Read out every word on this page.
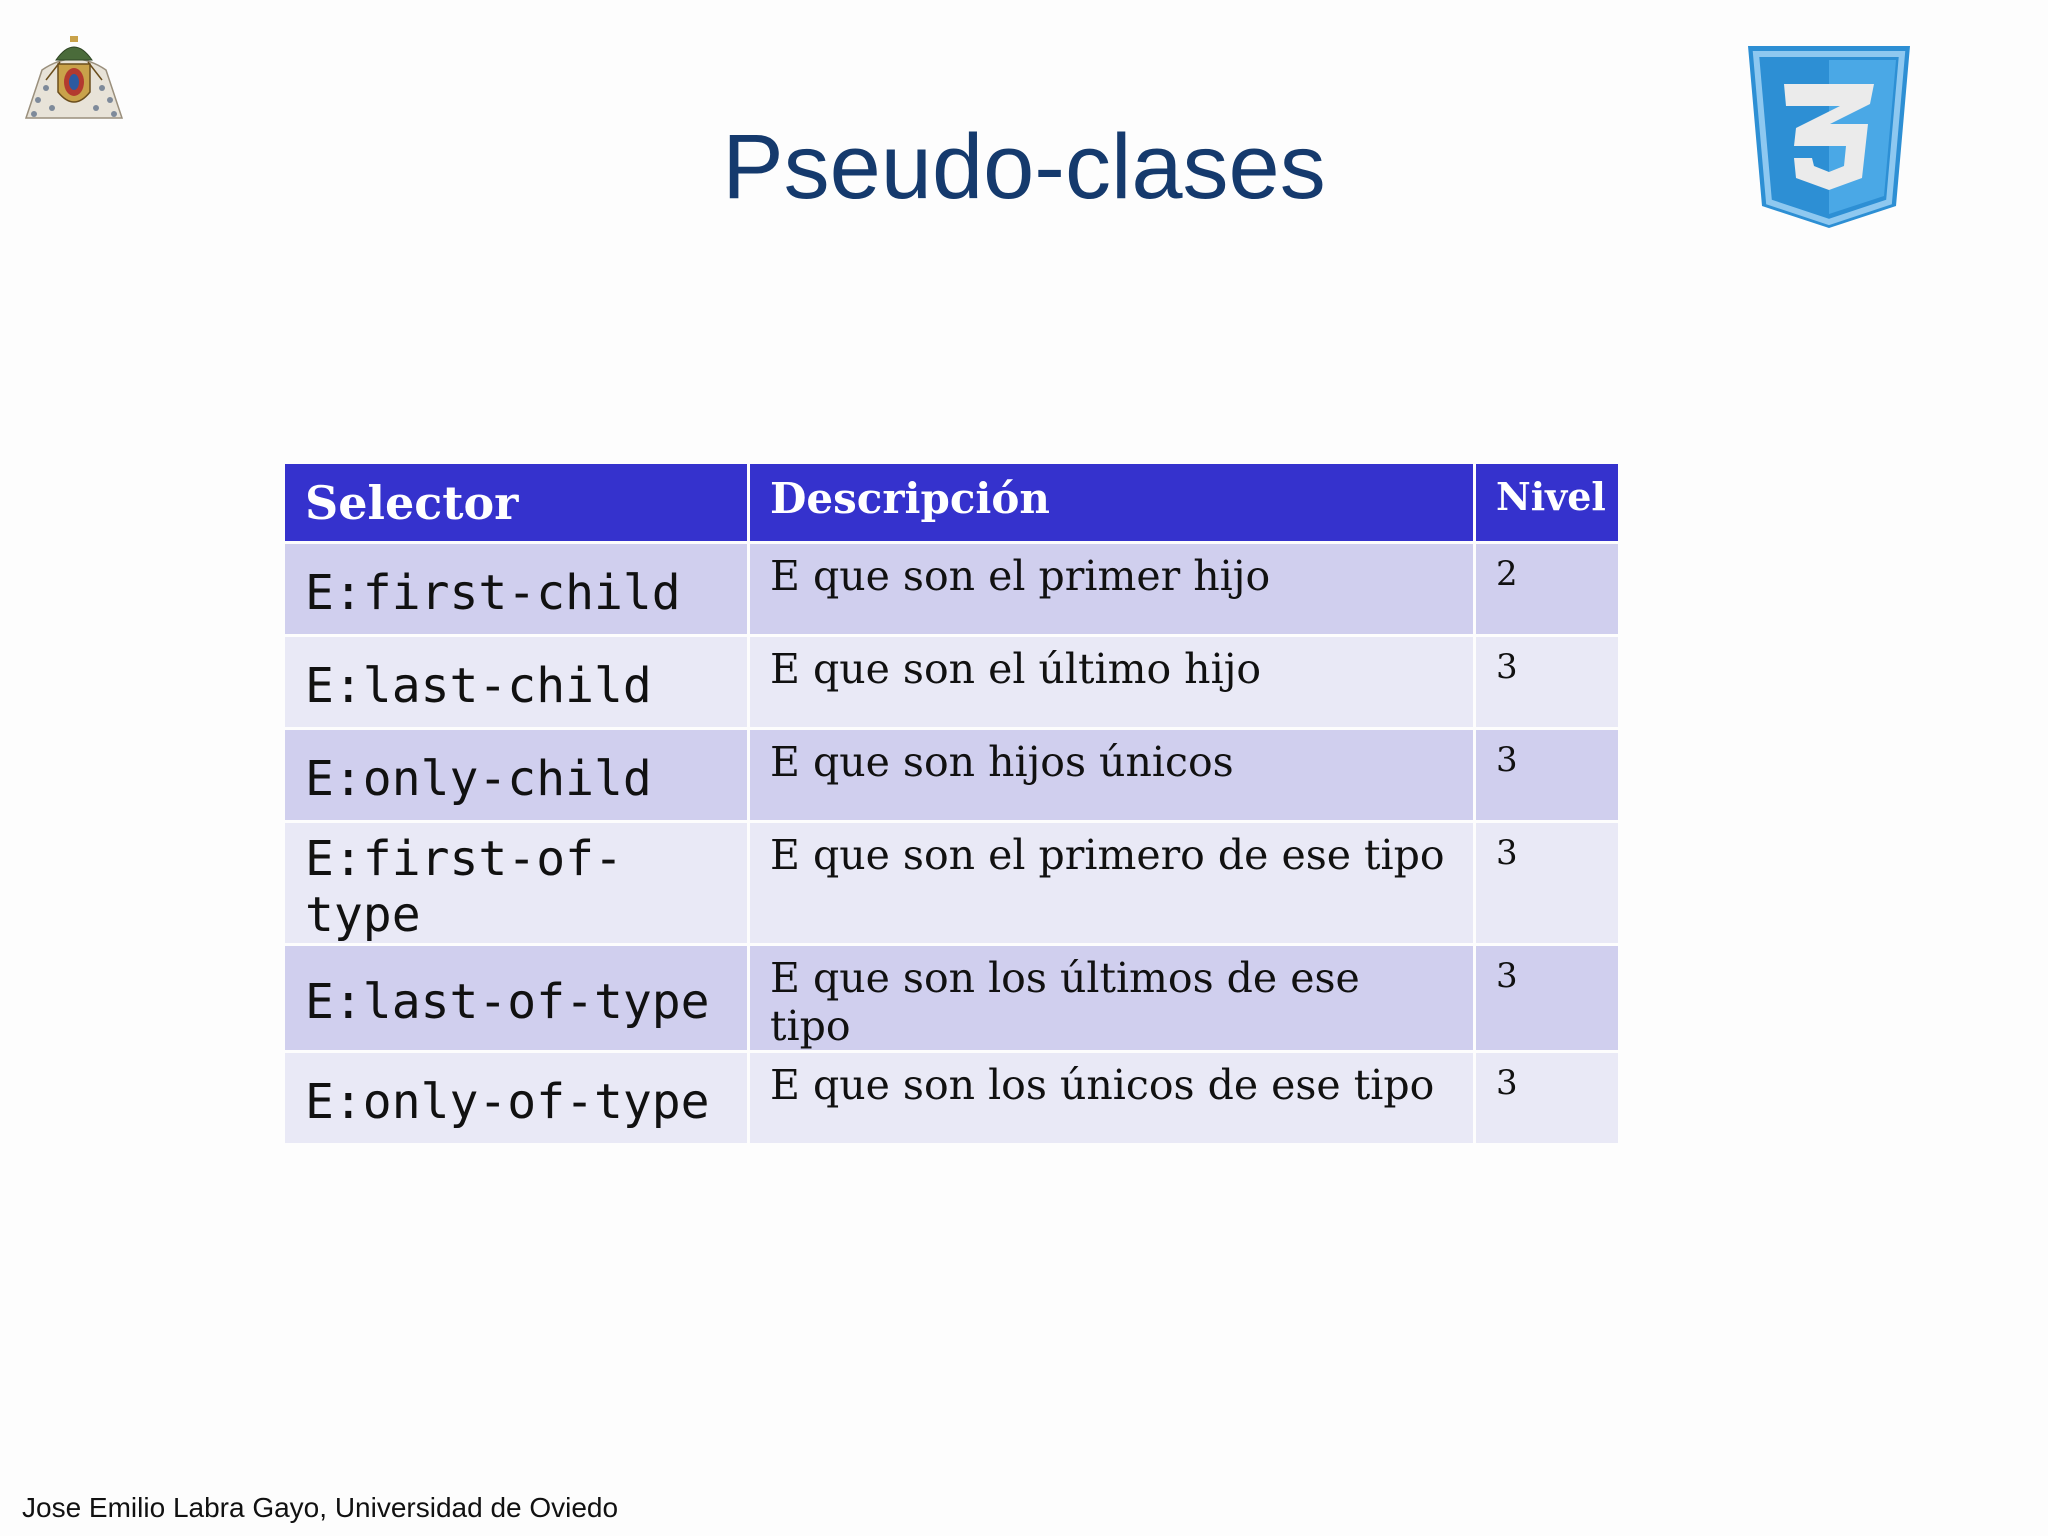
Pseudo-clases
Selector	Descripción	Nivel
E:first-child	E que son el primer hijo	2
E:last-child	E que son el último hijo	3
E:only-child	E que son hijos únicos	3
E:first-of-type	E que son el primero de ese tipo	3
E:last-of-type	E que son los últimos de ese tipo	3
E:only-of-type	E que son los únicos de ese tipo	3
Jose Emilio Labra Gayo, Universidad de Oviedo
